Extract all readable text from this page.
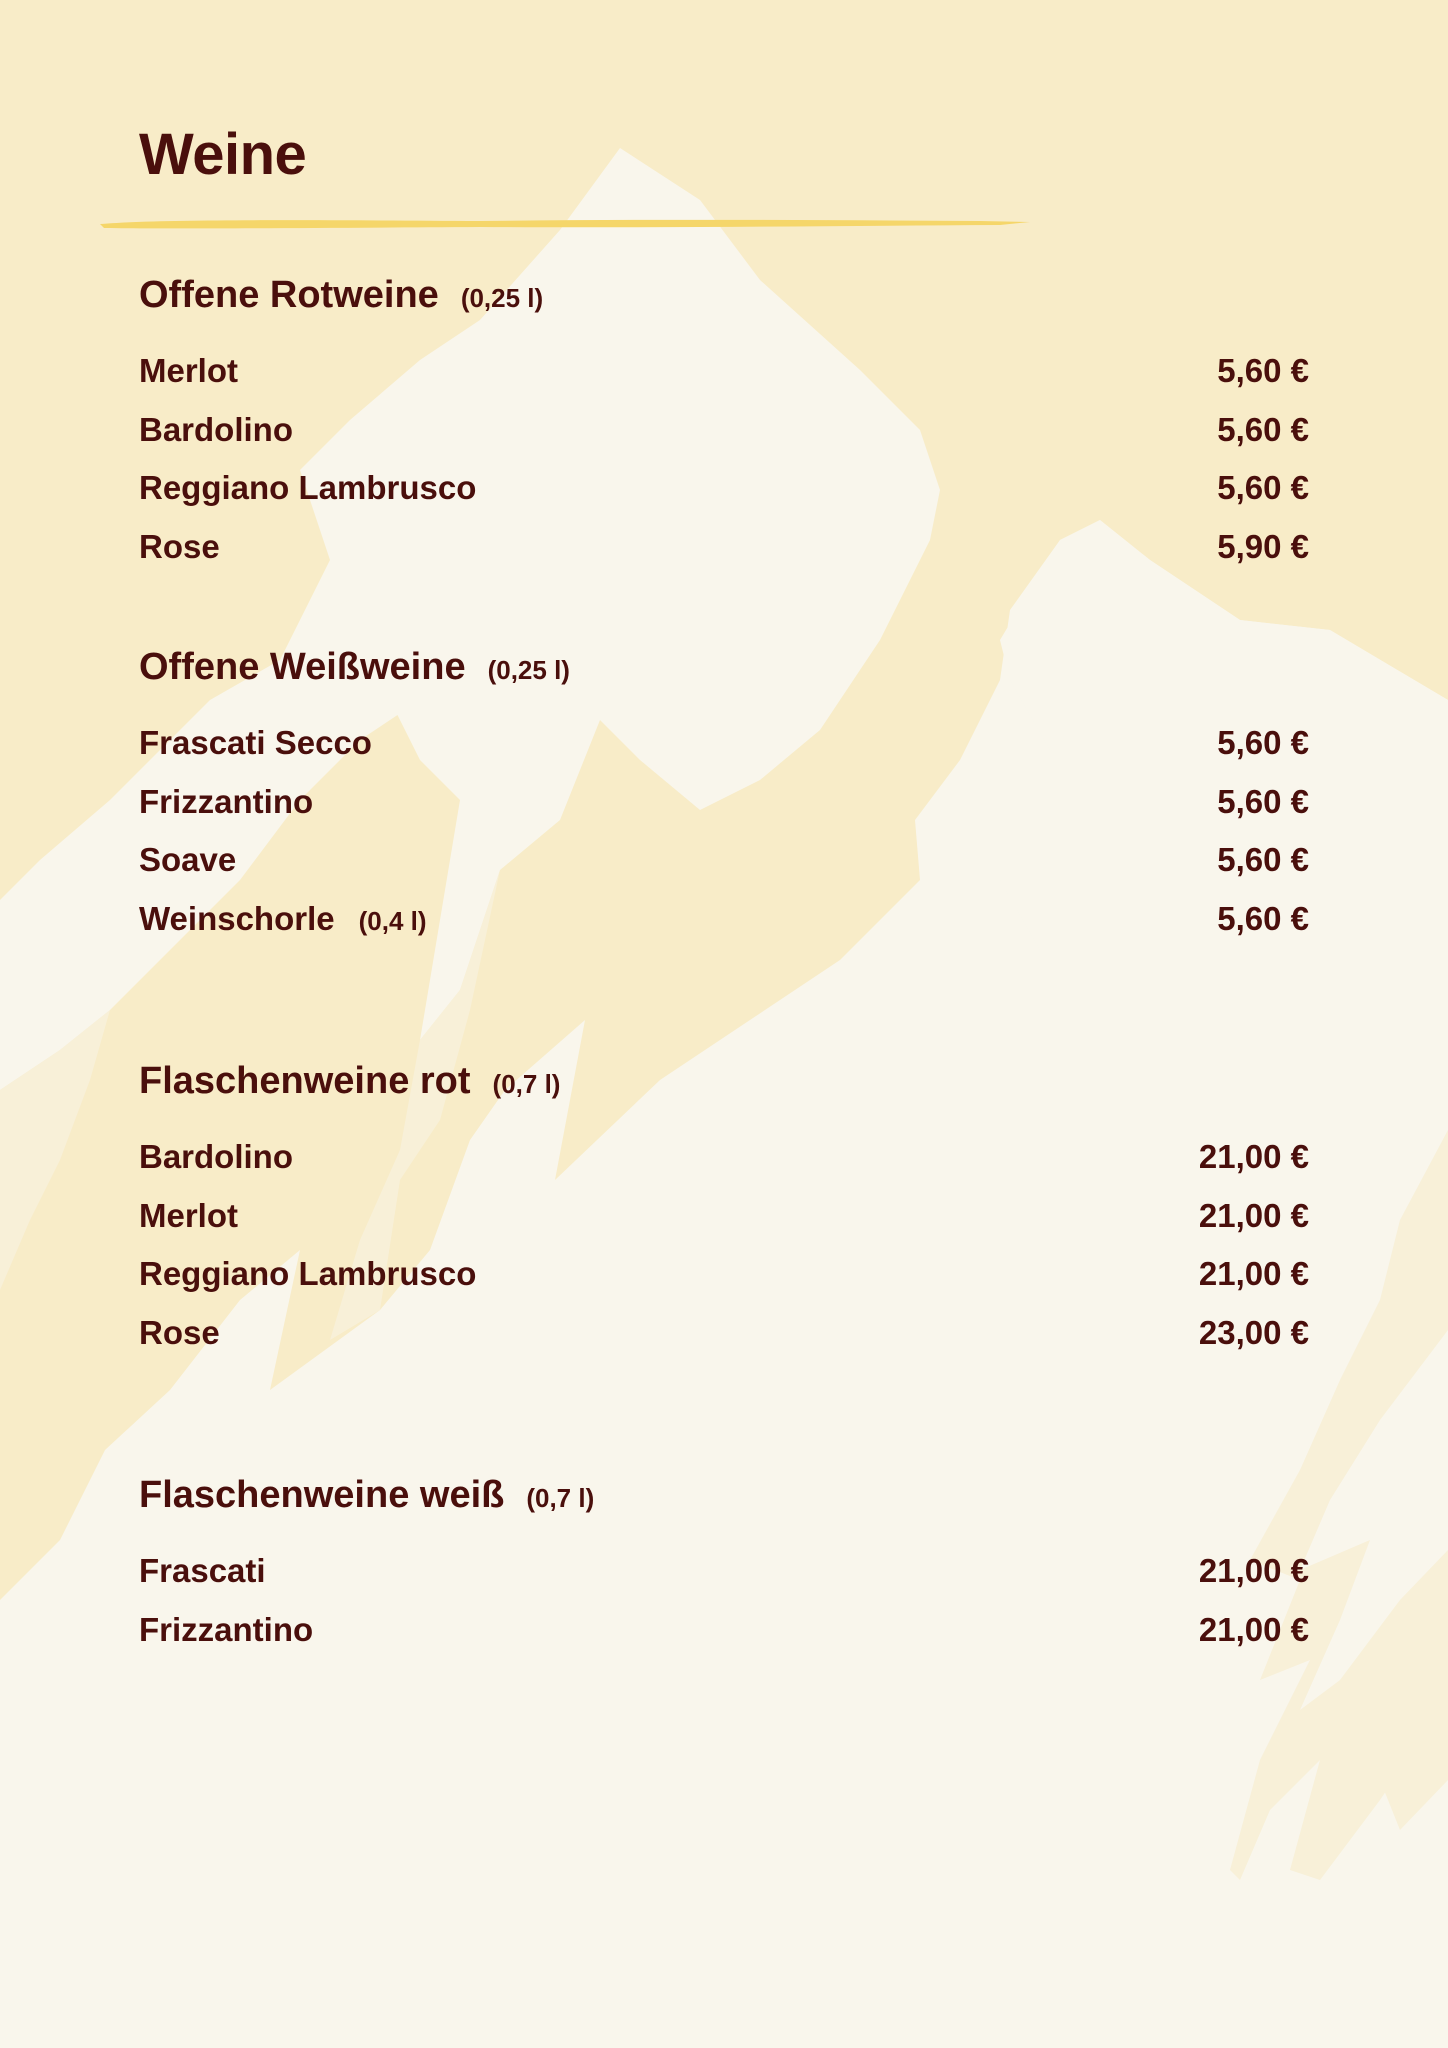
Weine
Offene Rotweine (0,25 l)
Merlot	5,60 €
Bardolino	5,60 €
Reggiano Lambrusco	5,60 €
Rose	5,90 €
Offene Weißweine (0,25 l)
Frascati Secco	5,60 €
Frizzantino	5,60 €
Soave	5,60 €
Weinschorle (0,4 l)	5,60 €
Flaschenweine rot (0,7 l)
Bardolino	21,00 €
Merlot	21,00 €
Reggiano Lambrusco	21,00 €
Rose	23,00 €
Flaschenweine weiß (0,7 l)
Frascati	21,00 €
Frizzantino	21,00 €
